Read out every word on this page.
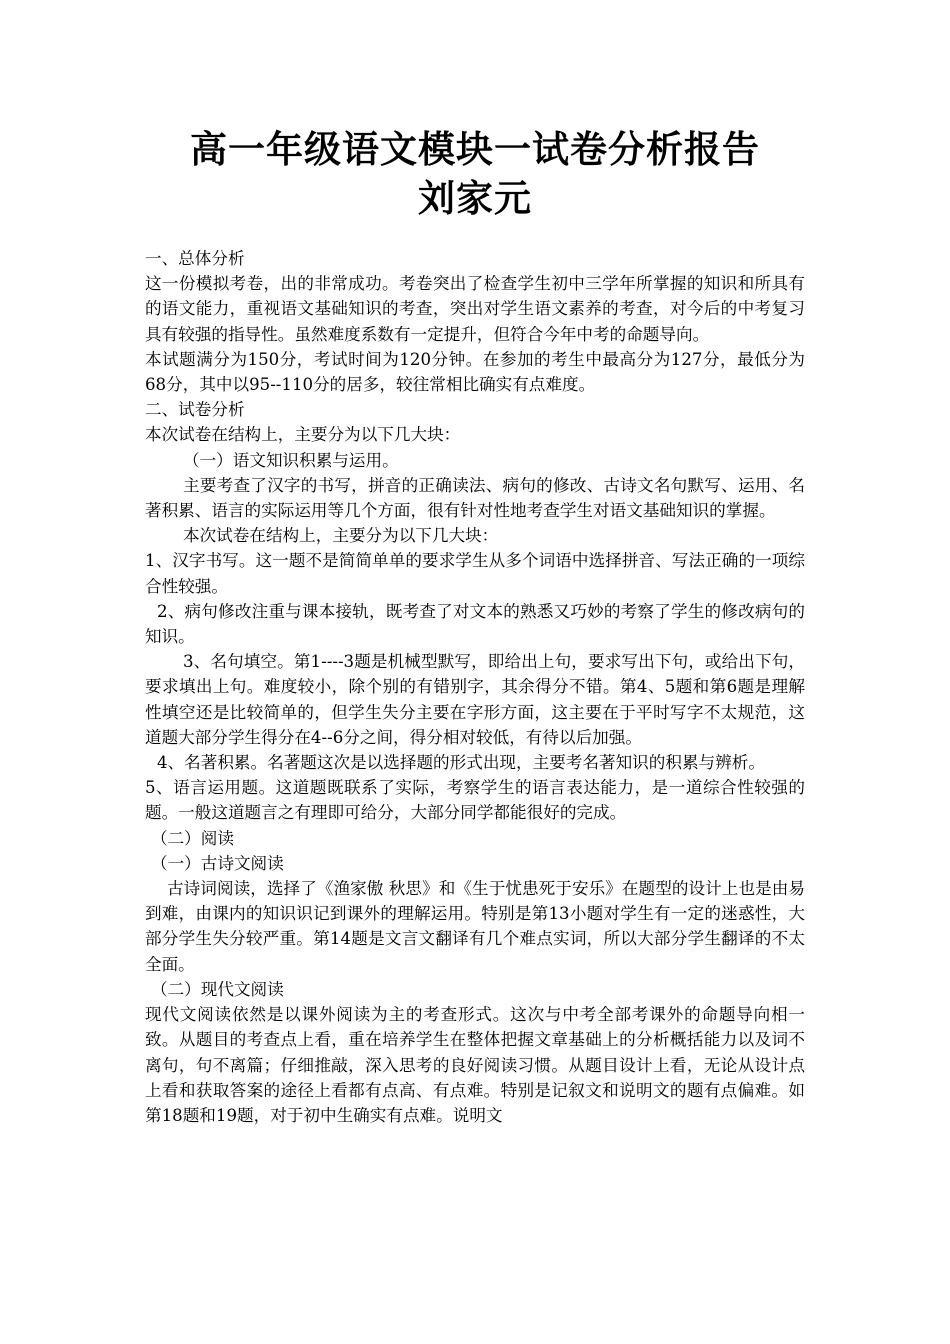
高一年级语文模块一试卷分析报告
刘家元

一、总体分析

这一份模拟考卷，出的非常成功。考卷突出了检查学生初中三学年所掌握的知识和所具有的语文能力，重视语文基础知识的考查，突出对学生语文素养的考查，对今后的中考复习具有较强的指导性。虽然难度系数有一定提升，但符合今年中考的命题导向。

本试题满分为150分，考试时间为120分钟。在参加的考生中最高分为127分，最低分为68分，其中以95--110分的居多，较往常相比确实有点难度。

二、试卷分析

本次试卷在结构上，主要分为以下几大块：

（一）语文知识积累与运用。

主要考查了汉字的书写，拼音的正确读法、病句的修改、古诗文名句默写、运用、名著积累、语言的实际运用等几个方面，很有针对性地考查学生对语文基础知识的掌握。

本次试卷在结构上，主要分为以下几大块：

1、汉字书写。这一题不是简简单单的要求学生从多个词语中选择拼音、写法正确的一项综合性较强。

2、病句修改注重与课本接轨，既考查了对文本的熟悉又巧妙的考察了学生的修改病句的知识。

3、名句填空。第1----3题是机械型默写，即给出上句，要求写出下句，或给出下句，要求填出上句。难度较小，除个别的有错别字，其余得分不错。第4、5题和第6题是理解性填空还是比较简单的，但学生失分主要在字形方面，这主要在于平时写字不太规范，这道题大部分学生得分在4--6分之间，得分相对较低，有待以后加强。

4、名著积累。名著题这次是以选择题的形式出现，主要考名著知识的积累与辨析。

5、语言运用题。这道题既联系了实际，考察学生的语言表达能力，是一道综合性较强的题。一般这道题言之有理即可给分，大部分同学都能很好的完成。

（二）阅读

（一）古诗文阅读

古诗词阅读，选择了《渔家傲 秋思》和《生于忧患死于安乐》在题型的设计上也是由易到难，由课内的知识识记到课外的理解运用。特别是第13小题对学生有一定的迷惑性，大部分学生失分较严重。第14题是文言文翻译有几个难点实词，所以大部分学生翻译的不太全面。

（二）现代文阅读

现代文阅读依然是以课外阅读为主的考查形式。这次与中考全部考课外的命题导向相一致。从题目的考查点上看，重在培养学生在整体把握文章基础上的分析概括能力以及词不离句，句不离篇；仔细推敲，深入思考的良好阅读习惯。从题目设计上看，无论从设计点上看和获取答案的途径上看都有点高、有点难。特别是记叙文和说明文的题有点偏难。如第18题和19题，对于初中生确实有点难。说明文
